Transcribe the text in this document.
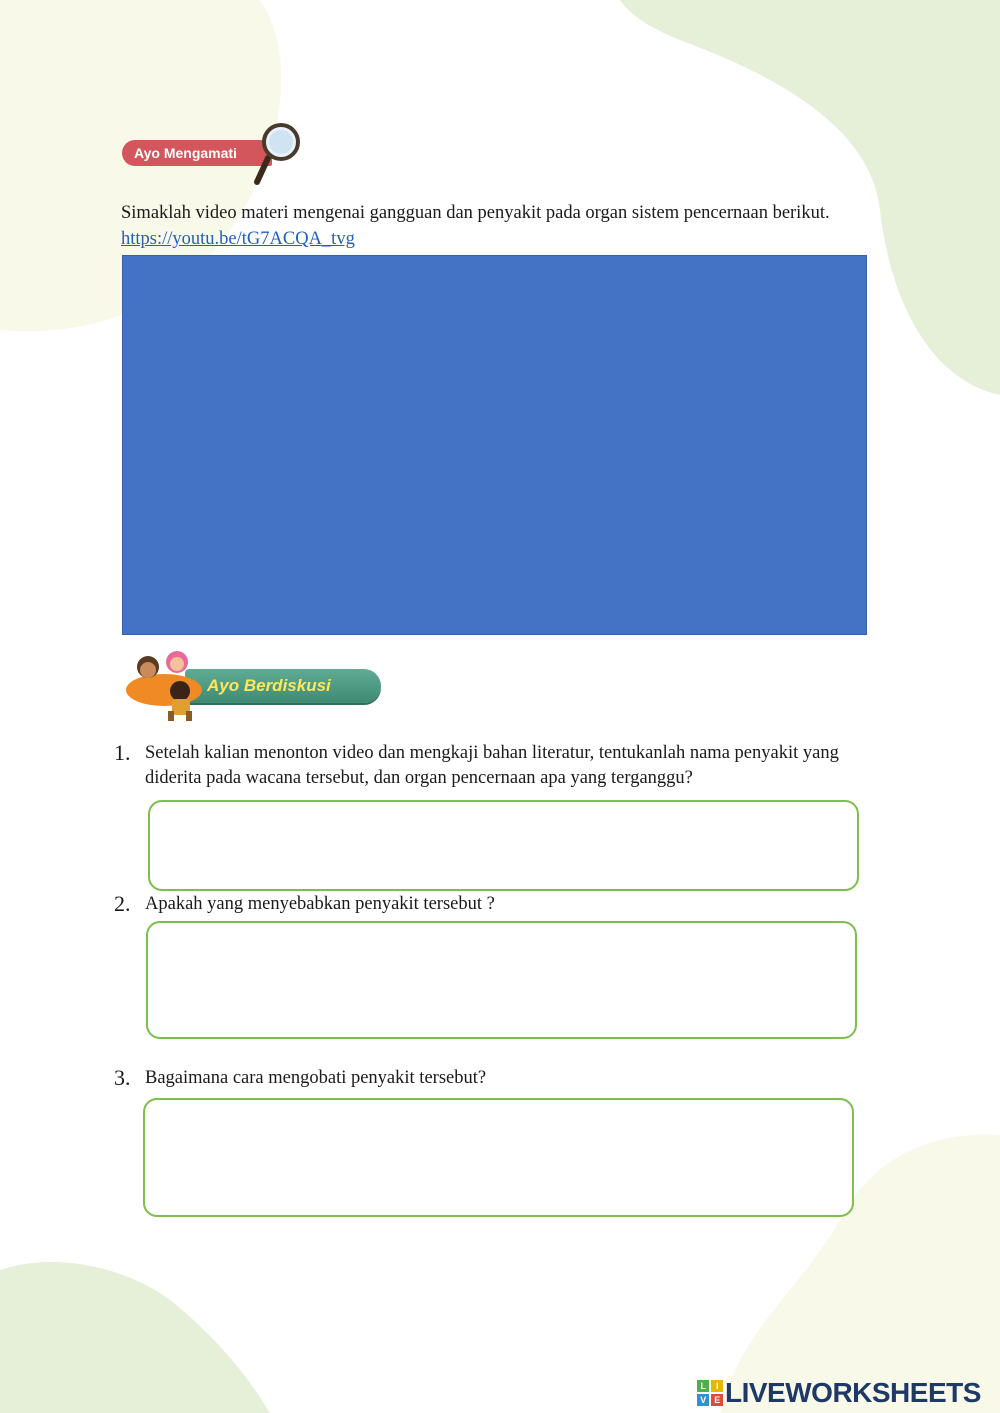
Ayo Mengamati
Simaklah video materi mengenai gangguan dan penyakit pada organ sistem pencernaan berikut. https://youtu.be/tG7ACQA_tvg
Ayo Berdiskusi
1. Setelah kalian menonton video dan mengkaji bahan literatur, tentukanlah nama penyakit yang diderita pada wacana tersebut, dan organ pencernaan apa yang terganggu?
2. Apakah yang menyebabkan penyakit tersebut ?
3. Bagaimana cara mengobati penyakit tersebut?
L	I
V E LIVEWORKSHEETS
